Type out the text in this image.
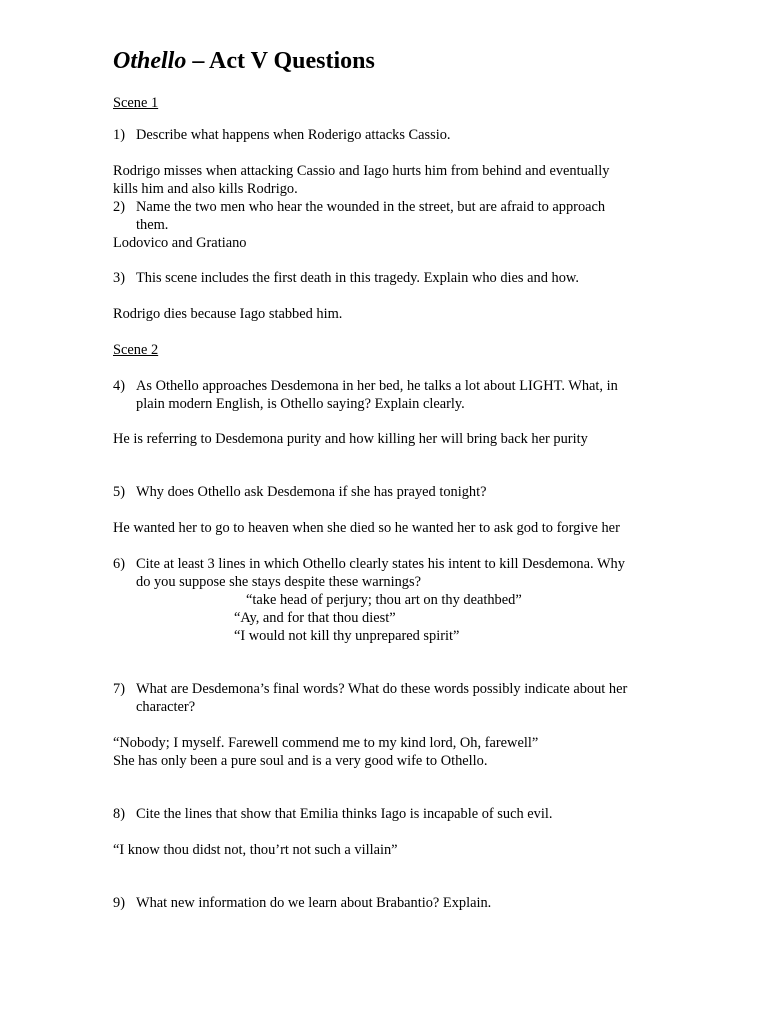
Othello – Act V Questions
Scene 1
1) Describe what happens when Roderigo attacks Cassio.
Rodrigo misses when attacking Cassio and Iago hurts him from behind and eventually
kills him and also kills Rodrigo.
2) Name the two men who hear the wounded in the street, but are afraid to approach
them.
Lodovico and Gratiano
3) This scene includes the first death in this tragedy. Explain who dies and how.
Rodrigo dies because Iago stabbed him.
Scene 2
4) As Othello approaches Desdemona in her bed, he talks a lot about LIGHT. What, in
plain modern English, is Othello saying? Explain clearly.
He is referring to Desdemona purity and how killing her will bring back her purity
5) Why does Othello ask Desdemona if she has prayed tonight?
He wanted her to go to heaven when she died so he wanted her to ask god to forgive her
6) Cite at least 3 lines in which Othello clearly states his intent to kill Desdemona. Why
do you suppose she stays despite these warnings?
“take head of perjury; thou art on thy deathbed”
“Ay, and for that thou diest”
“I would not kill thy unprepared spirit”
7) What are Desdemona’s final words? What do these words possibly indicate about her
character?
“Nobody; I myself. Farewell commend me to my kind lord, Oh, farewell”
She has only been a pure soul and is a very good wife to Othello.
8) Cite the lines that show that Emilia thinks Iago is incapable of such evil.
“I know thou didst not, thou’rt not such a villain”
9) What new information do we learn about Brabantio? Explain.
